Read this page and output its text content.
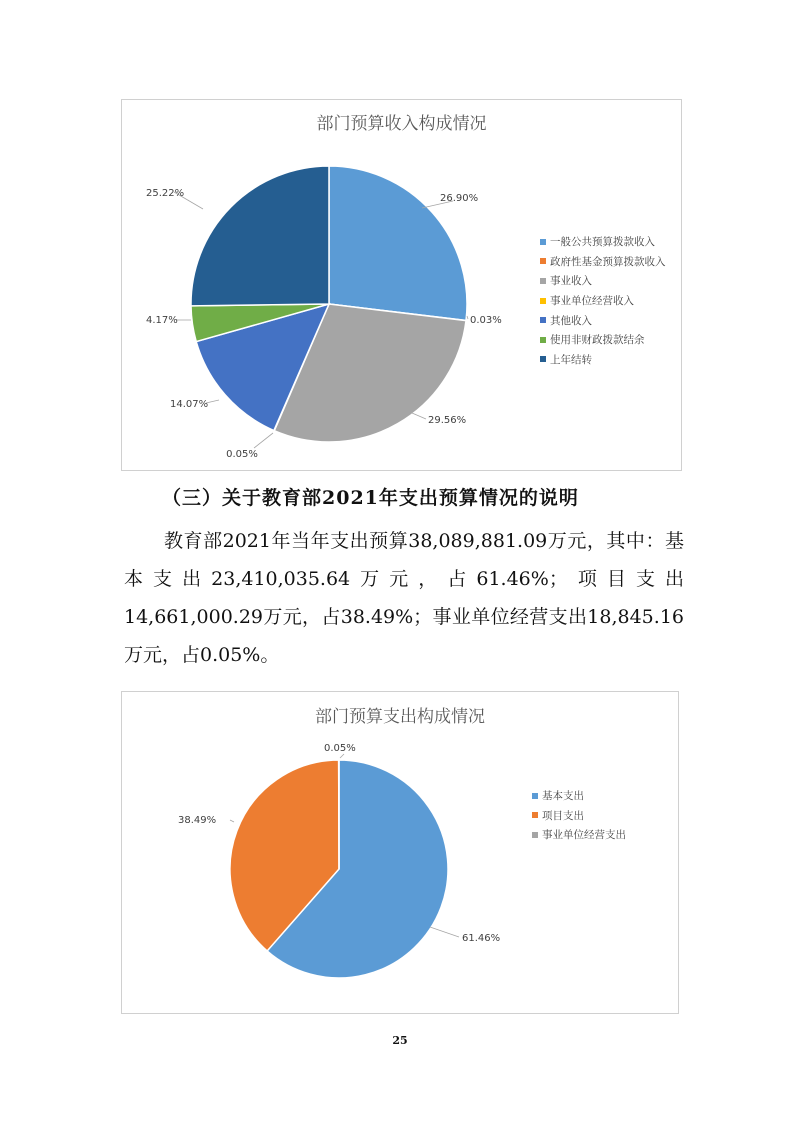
部门预算收入构成情况
26.90%
0.03%
29.56%
0.05%
14.07%
4.17%
25.22%
一般公共预算拨款收入
政府性基金预算拨款收入
事业收入
事业单位经营收入
其他收入
使用非财政拨款结余
上年结转
（三）关于教育部2021年支出预算情况的说明
教育部2021年当年支出预算38,089,881.09万元，其中：基本支出23,410,035.64万元，占61.46%；项目支出14,661,000.29万元，占38.49%；事业单位经营支出18,845.16万元，占0.05%。
部门预算支出构成情况
61.46%
38.49%
0.05%
基本支出
项目支出
事业单位经营支出
25
